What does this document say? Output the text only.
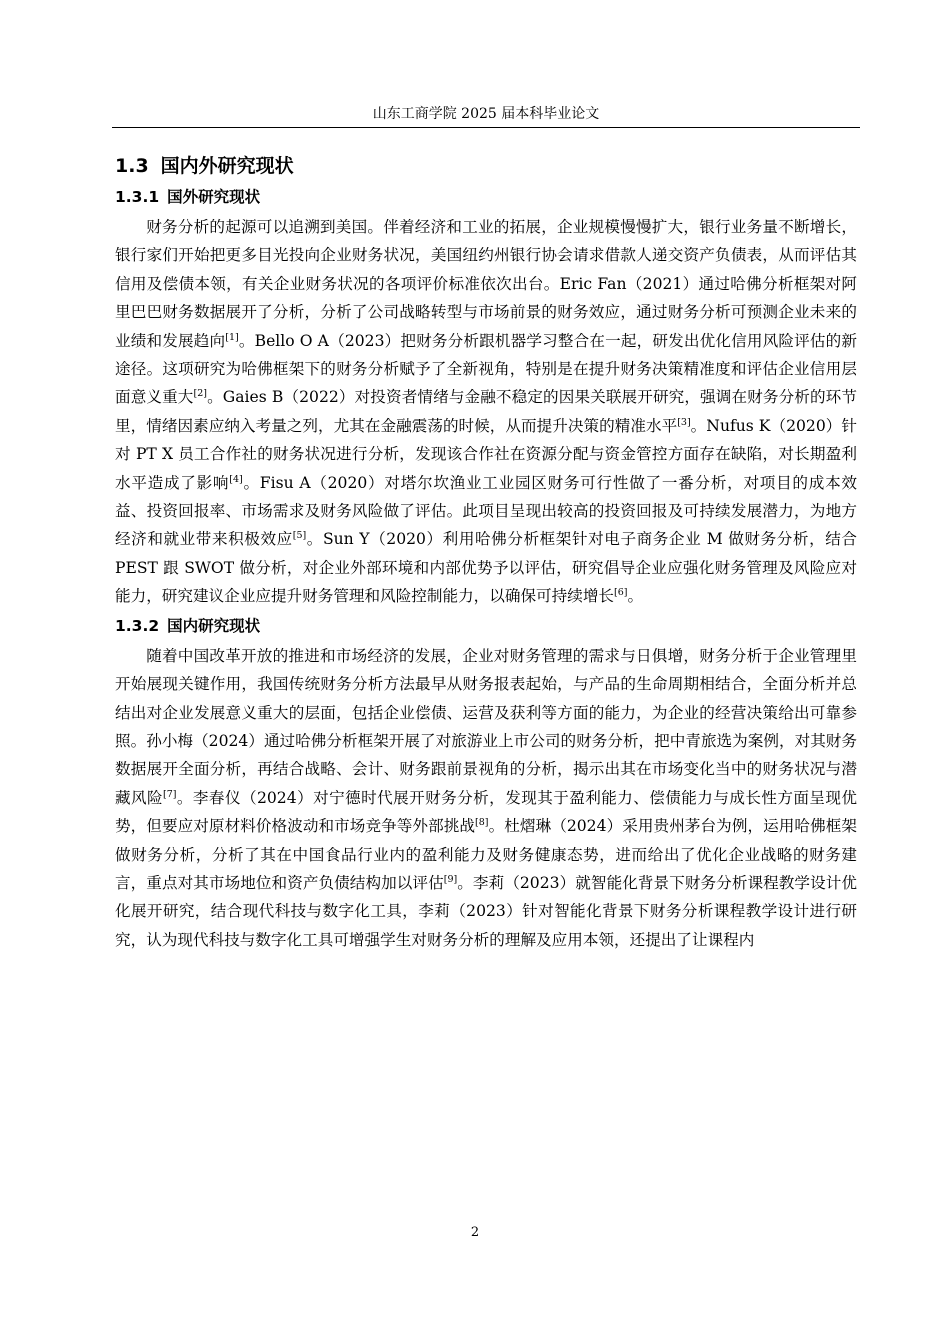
山东工商学院 2025 届本科毕业论文
1.3 国内外研究现状
1.3.1 国外研究现状

财务分析的起源可以追溯到美国。伴着经济和工业的拓展，企业规模慢慢扩大，银行业务量不断增长，银行家们开始把更多目光投向企业财务状况，美国纽约州银行协会请求借款人递交资产负债表，从而评估其信用及偿债本领，有关企业财务状况的各项评价标准依次出台。Eric Fan（2021）通过哈佛分析框架对阿里巴巴财务数据展开了分析，分析了公司战略转型与市场前景的财务效应，通过财务分析可预测企业未来的业绩和发展趋向[1]。Bello O A（2023）把财务分析跟机器学习整合在一起，研发出优化信用风险评估的新途径。这项研究为哈佛框架下的财务分析赋予了全新视角，特别是在提升财务决策精准度和评估企业信用层面意义重大[2]。Gaies B（2022）对投资者情绪与金融不稳定的因果关联展开研究，强调在财务分析的环节里，情绪因素应纳入考量之列，尤其在金融震荡的时候，从而提升决策的精准水平[3]。Nufus K（2020）针对 PT X 员工合作社的财务状况进行分析，发现该合作社在资源分配与资金管控方面存在缺陷，对长期盈利水平造成了影响[4]。Fisu A（2020）对塔尔坎渔业工业园区财务可行性做了一番分析，对项目的成本效益、投资回报率、市场需求及财务风险做了评估。此项目呈现出较高的投资回报及可持续发展潜力，为地方经济和就业带来积极效应[5]。Sun Y（2020）利用哈佛分析框架针对电子商务企业 M 做财务分析，结合 PEST 跟 SWOT 做分析，对企业外部环境和内部优势予以评估，研究倡导企业应强化财务管理及风险应对能力，研究建议企业应提升财务管理和风险控制能力，以确保可持续增长[6]。

1.3.2 国内研究现状

随着中国改革开放的推进和市场经济的发展，企业对财务管理的需求与日俱增，财务分析于企业管理里开始展现关键作用，我国传统财务分析方法最早从财务报表起始，与产品的生命周期相结合，全面分析并总结出对企业发展意义重大的层面，包括企业偿债、运营及获利等方面的能力，为企业的经营决策给出可靠参照。孙小梅（2024）通过哈佛分析框架开展了对旅游业上市公司的财务分析，把中青旅选为案例，对其财务数据展开全面分析，再结合战略、会计、财务跟前景视角的分析，揭示出其在市场变化当中的财务状况与潜藏风险[7]。李春仪（2024）对宁德时代展开财务分析，发现其于盈利能力、偿债能力与成长性方面呈现优势，但要应对原材料价格波动和市场竞争等外部挑战[8]。杜熠琳（2024）采用贵州茅台为例，运用哈佛框架做财务分析，分析了其在中国食品行业内的盈利能力及财务健康态势，进而给出了优化企业战略的财务建言，重点对其市场地位和资产负债结构加以评估[9]。李莉（2023）就智能化背景下财务分析课程教学设计优化展开研究，结合现代科技与数字化工具，李莉（2023）针对智能化背景下财务分析课程教学设计进行研究，认为现代科技与数字化工具可增强学生对财务分析的理解及应用本领，还提出了让课程内

2
